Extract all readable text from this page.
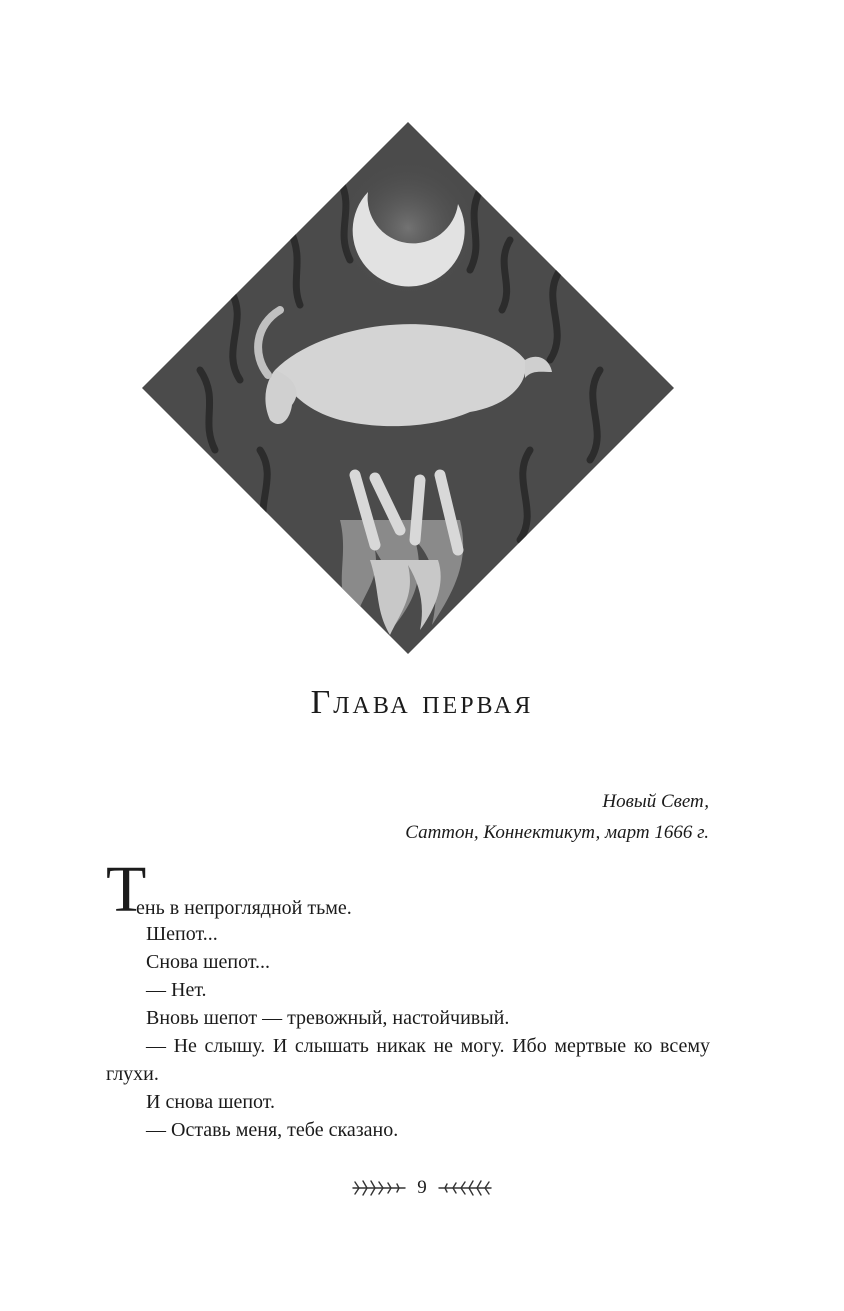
Глава первая
Новый Свет,
Саттон, Коннектикут, март 1666 г.
Т
ень в непроглядной тьме.

Шепот...

Снова шепот...

— Нет.

Вновь шепот — тревожный, настойчивый.

— Не слышу. И слышать никак не могу. Ибо мертвые ко всему глухи.

И снова шепот.

— Оставь меня, тебе сказано.

9
